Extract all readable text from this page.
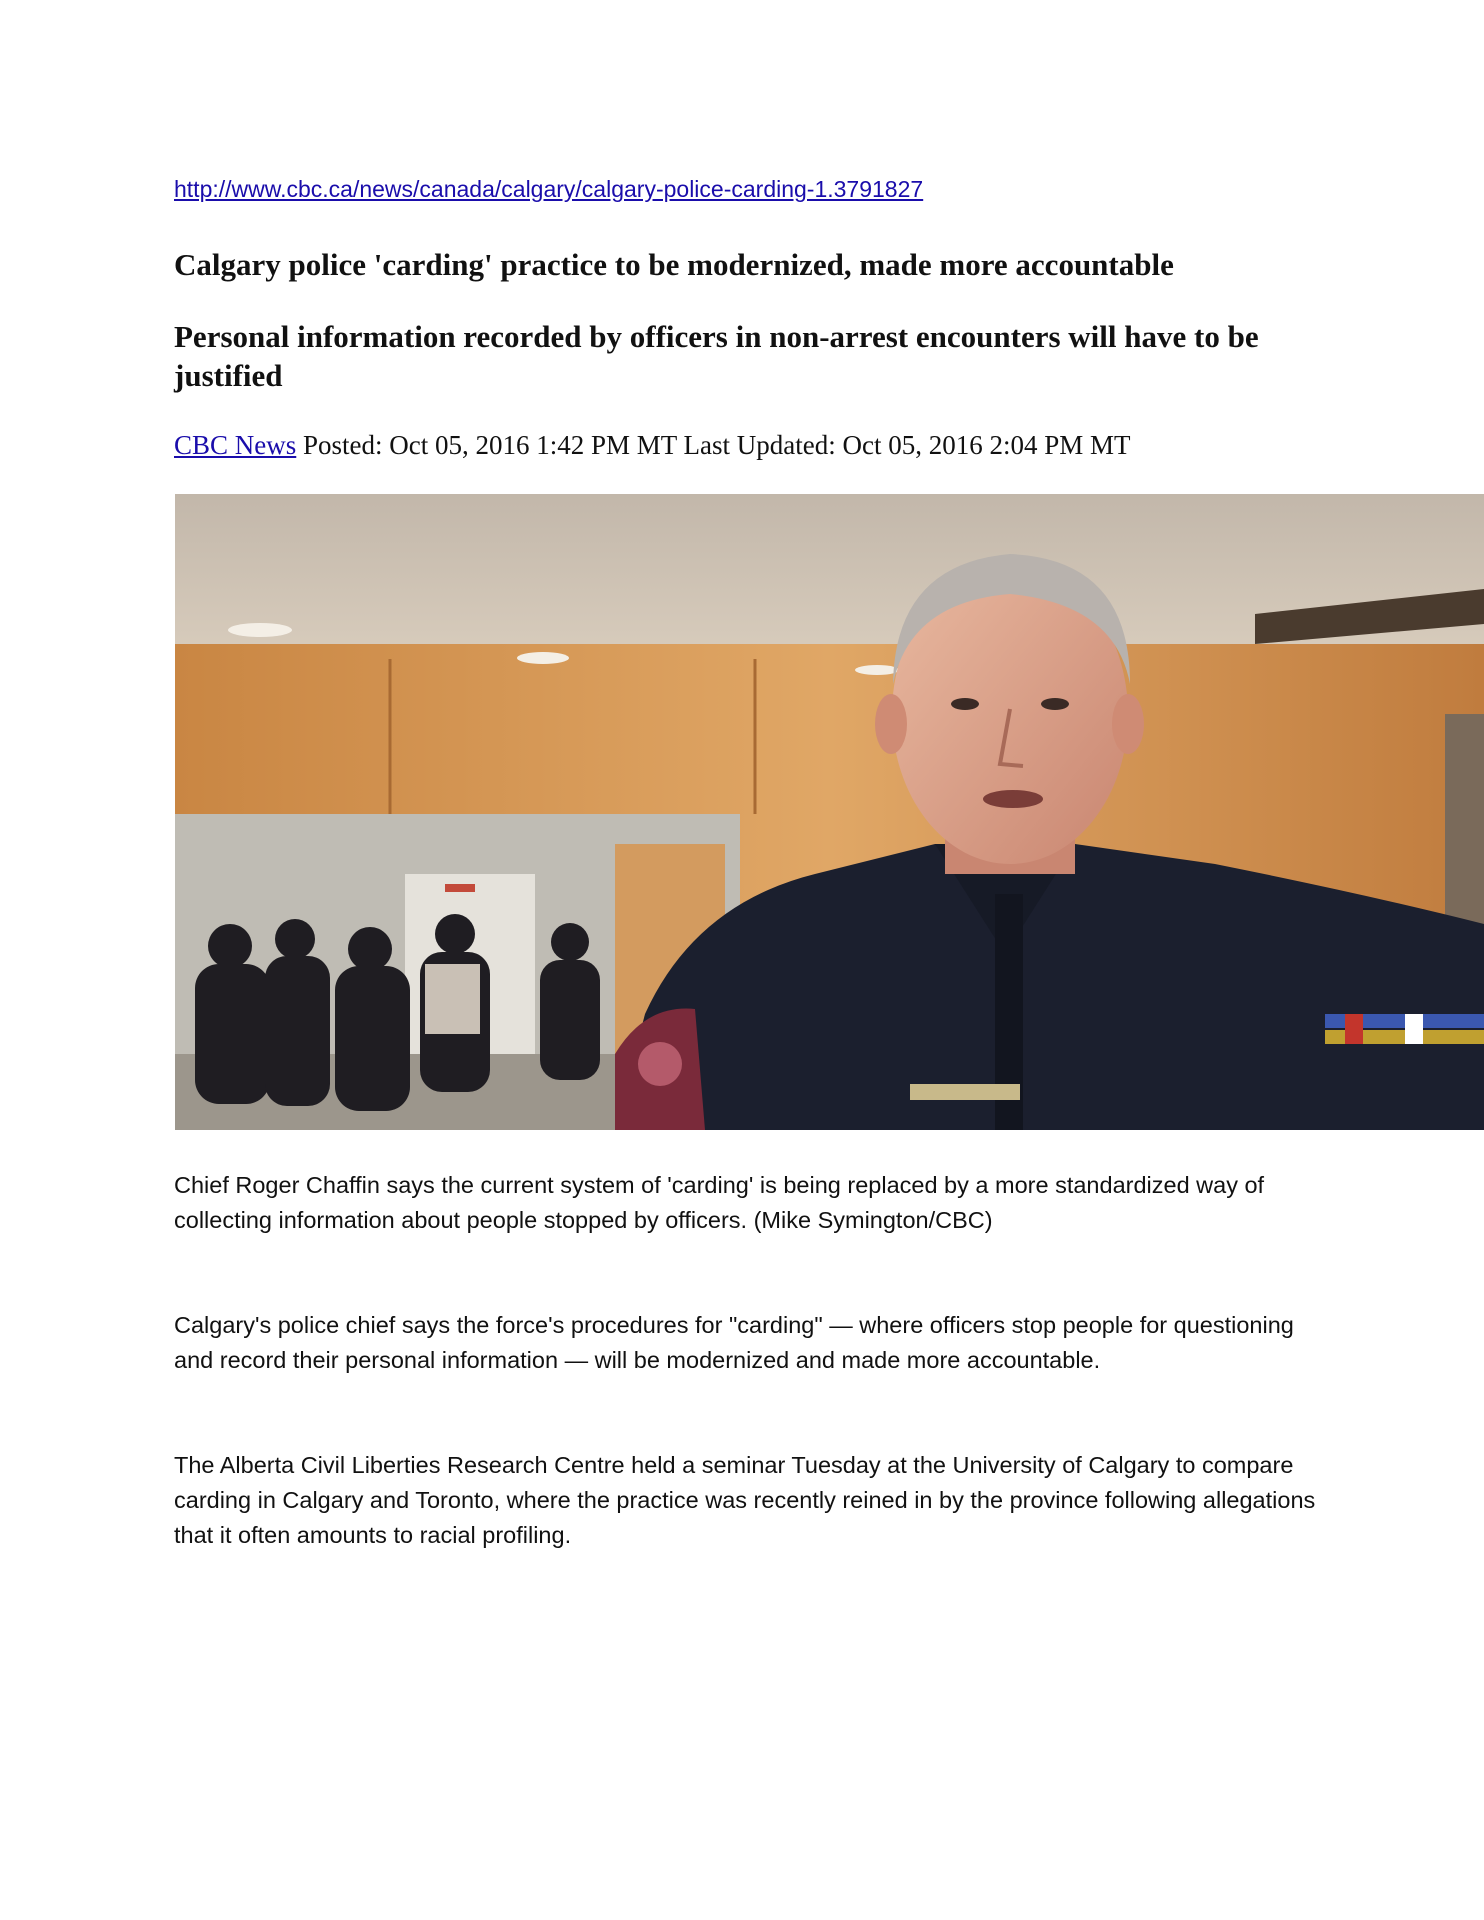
http://www.cbc.ca/news/canada/calgary/calgary-police-carding-1.3791827
Calgary police 'carding' practice to be modernized, made more accountable
Personal information recorded by officers in non-arrest encounters will have to be justified
CBC News Posted: Oct 05, 2016 1:42 PM MT Last Updated: Oct 05, 2016 2:04 PM MT

Chief Roger Chaffin says the current system of 'carding' is being replaced by a more standardized way of collecting information about people stopped by officers. (Mike Symington/CBC)

Calgary's police chief says the force's procedures for "carding" — where officers stop people for questioning and record their personal information — will be modernized and made more accountable.

The Alberta Civil Liberties Research Centre held a seminar Tuesday at the University of Calgary to compare carding in Calgary and Toronto, where the practice was recently reined in by the province following allegations that it often amounts to racial profiling.
